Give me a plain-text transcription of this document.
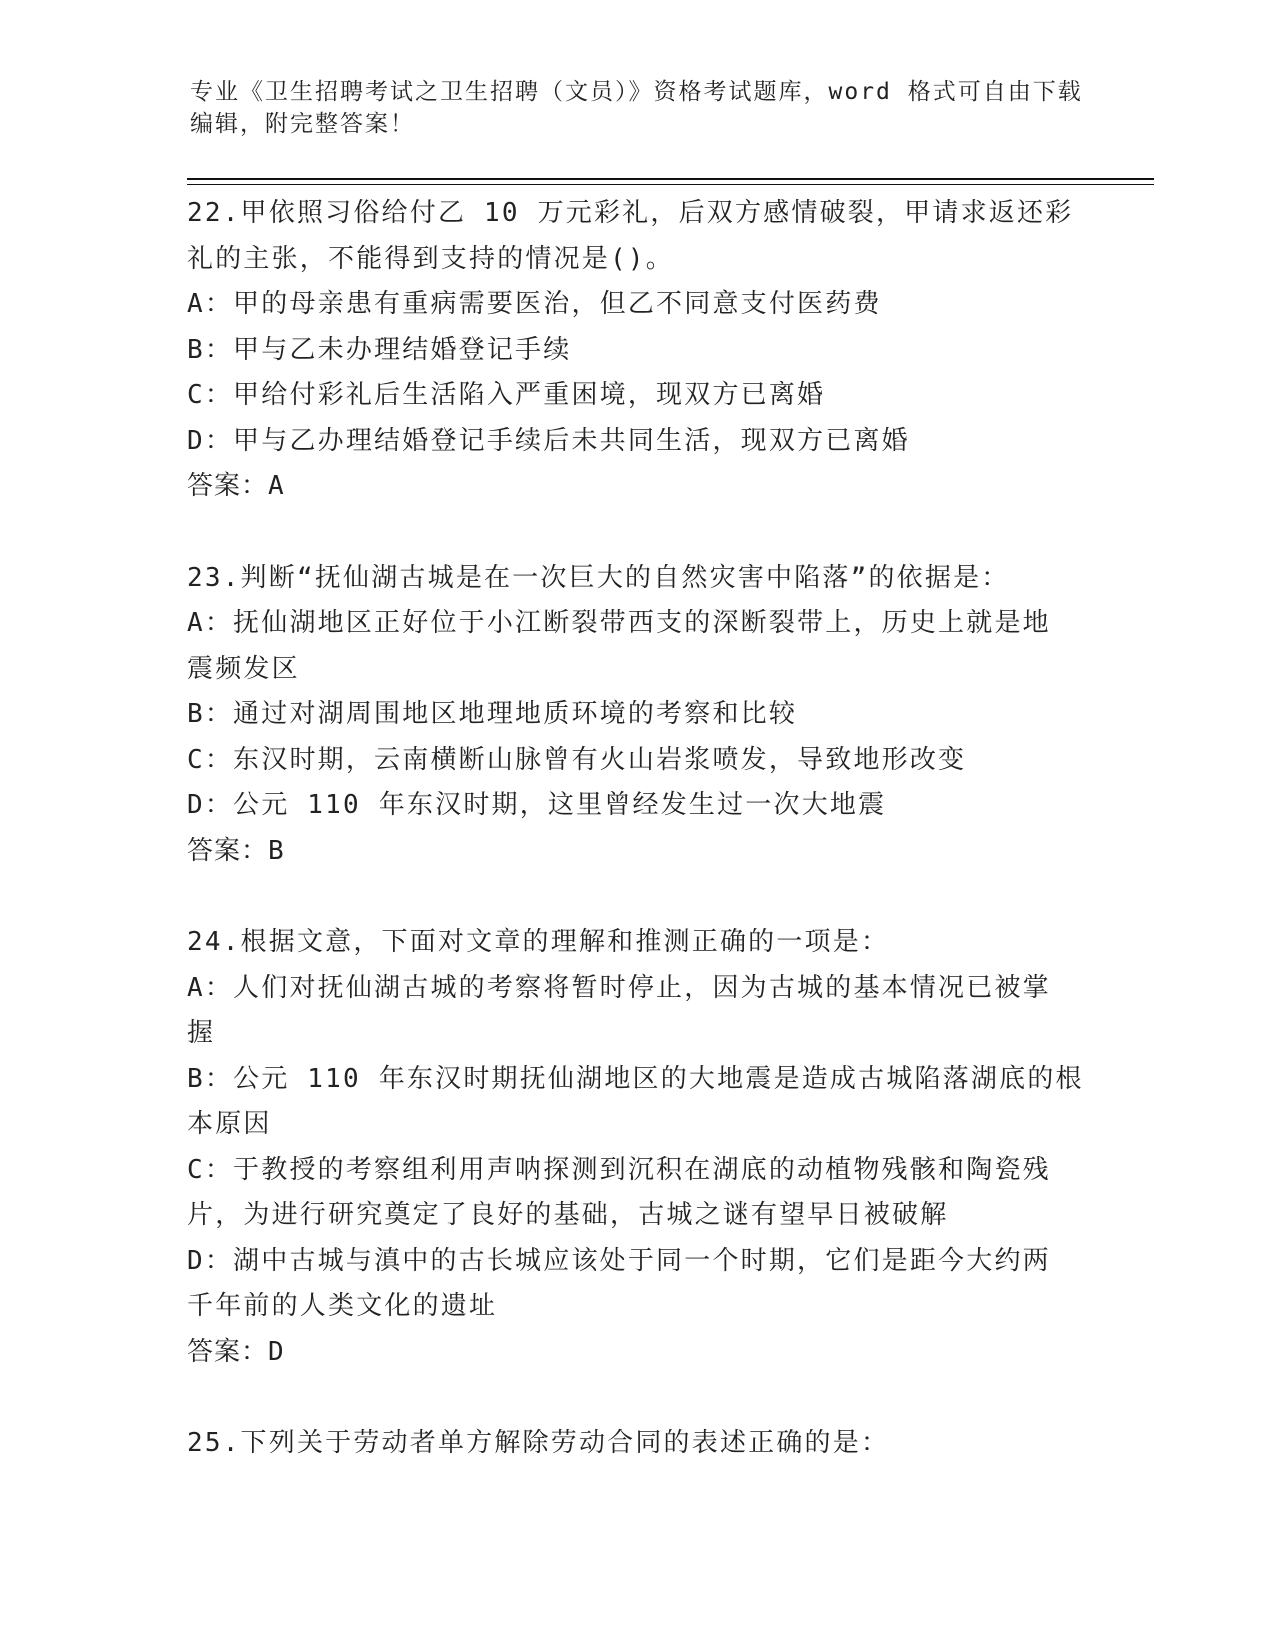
专业《卫生招聘考试之卫生招聘（文员）》资格考试题库，word 格式可自由下载
编辑，附完整答案！
22.甲依照习俗给付乙 10 万元彩礼，后双方感情破裂，甲请求返还彩
礼的主张，不能得到支持的情况是()。
A：甲的母亲患有重病需要医治，但乙不同意支付医药费
B：甲与乙未办理结婚登记手续
C：甲给付彩礼后生活陷入严重困境，现双方已离婚
D：甲与乙办理结婚登记手续后未共同生活，现双方已离婚
答案：A
23.判断“抚仙湖古城是在一次巨大的自然灾害中陷落”的依据是：
A：抚仙湖地区正好位于小江断裂带西支的深断裂带上，历史上就是地
震频发区
B：通过对湖周围地区地理地质环境的考察和比较
C：东汉时期，云南横断山脉曾有火山岩浆喷发，导致地形改变
D：公元 110 年东汉时期，这里曾经发生过一次大地震
答案：B
24.根据文意，下面对文章的理解和推测正确的一项是：
A：人们对抚仙湖古城的考察将暂时停止，因为古城的基本情况已被掌
握
B：公元 110 年东汉时期抚仙湖地区的大地震是造成古城陷落湖底的根
本原因
C：于教授的考察组利用声呐探测到沉积在湖底的动植物残骸和陶瓷残
片，为进行研究奠定了良好的基础，古城之谜有望早日被破解
D：湖中古城与滇中的古长城应该处于同一个时期，它们是距今大约两
千年前的人类文化的遗址
答案：D
25.下列关于劳动者单方解除劳动合同的表述正确的是：
